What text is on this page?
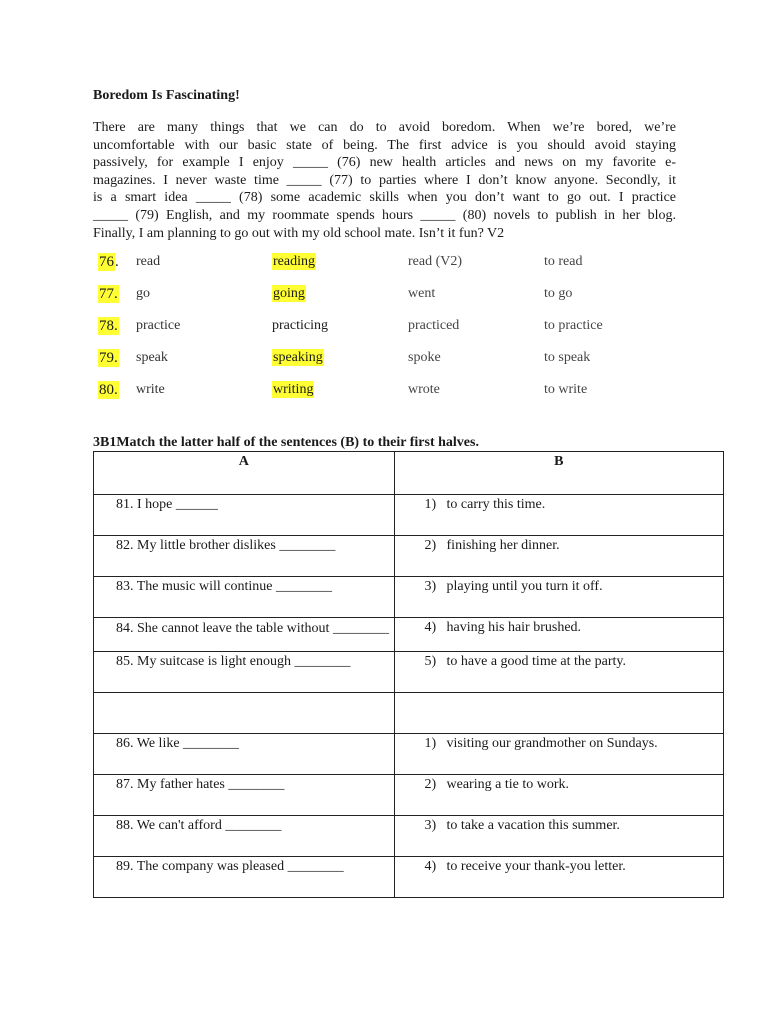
Boredom Is Fascinating!
There are many things that we can do to avoid boredom. When we’re bored, we’re
uncomfortable with our basic state of being. The first advice is you should avoid staying
passively, for example I enjoy _____ (76) new health articles and news on my favorite e-
magazines. I never waste time _____ (77) to parties where I don’t know anyone. Secondly, it
is a smart idea _____ (78) some academic skills when you don’t want to go out. I practice
_____ (79) English, and my roommate spends hours _____ (80) novels to publish in her blog.
Finally, I am planning to go out with my old school mate. Isn’t it fun? V2
76. read	reading	read (V2)	to read
77. go	going	went	to go
78. practice	practicing	practiced	to practice
79. speak	speaking	spoke	to speak
80. write	writing	wrote	to write
3B1Match the latter half of the sentences (B) to their first halves.
A	B
81. I hope ______	1) to carry this time.
82. My little brother dislikes ________	2) finishing her dinner.
83. The music will continue ________	3) playing until you turn it off.
84. She cannot leave the table without ________	4) having his hair brushed.
85. My suitcase is light enough ________	5) to have a good time at the party.

86. We like ________	1) visiting our grandmother on Sundays.
87. My father hates ________	2) wearing a tie to work.
88. We can't afford ________	3) to take a vacation this summer.
89. The company was pleased ________	4) to receive your thank-you letter.
